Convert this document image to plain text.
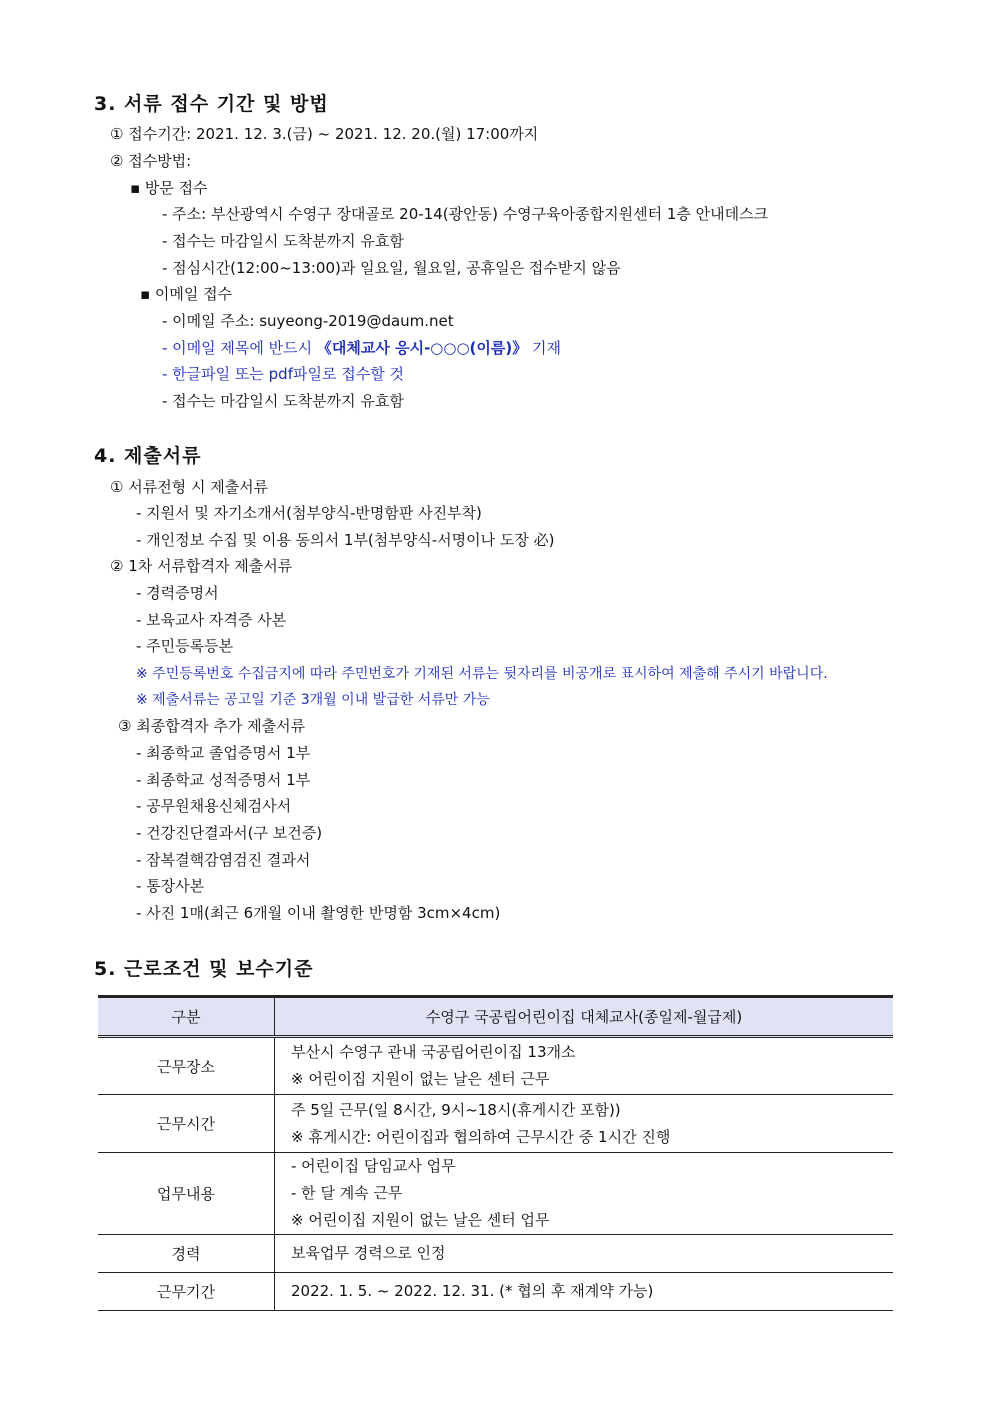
3. 서류 접수 기간 및 방법
① 접수기간: 2021. 12. 3.(금) ~ 2021. 12. 20.(월) 17:00까지
② 접수방법:
▪ 방문 접수
- 주소: 부산광역시 수영구 장대골로 20-14(광안동) 수영구육아종합지원센터 1층 안내데스크
- 접수는 마감일시 도착분까지 유효함
- 점심시간(12:00~13:00)과 일요일, 월요일, 공휴일은 접수받지 않음
▪ 이메일 접수
- 이메일 주소: suyeong-2019@daum.net
- 이메일 제목에 반드시 《대체교사 응시-○○○(이름)》 기재
- 한글파일 또는 pdf파일로 접수할 것
- 접수는 마감일시 도착분까지 유효함
4. 제출서류
① 서류전형 시 제출서류
- 지원서 및 자기소개서(첨부양식-반명함판 사진부착)
- 개인정보 수집 및 이용 동의서 1부(첨부양식-서명이나 도장 必)
② 1차 서류합격자 제출서류
- 경력증명서
- 보육교사 자격증 사본
- 주민등록등본
※ 주민등록번호 수집금지에 따라 주민번호가 기재된 서류는 뒷자리를 비공개로 표시하여 제출해 주시기 바랍니다.
※ 제출서류는 공고일 기준 3개월 이내 발급한 서류만 가능
③ 최종합격자 추가 제출서류
- 최종학교 졸업증명서 1부
- 최종학교 성적증명서 1부
- 공무원채용신체검사서
- 건강진단결과서(구 보건증)
- 잠복결핵감염검진 결과서
- 통장사본
- 사진 1매(최근 6개월 이내 촬영한 반명함 3cm×4cm)
5. 근로조건 및 보수기준
구분	수영구 국공립어린이집 대체교사(종일제-월급제)
근무장소	부산시 수영구 관내 국공립어린이집 13개소
※ 어린이집 지원이 없는 날은 센터 근무

근무시간	주 5일 근무(일 8시간, 9시~18시(휴게시간 포함))
※ 휴게시간: 어린이집과 협의하여 근무시간 중 1시간 진행

업무내용	- 어린이집 담임교사 업무
- 한 달 계속 근무
※ 어린이집 지원이 없는 날은 센터 업무

경력	보육업무 경력으로 인정

근무기간	2022. 1. 5. ~ 2022. 12. 31. (* 협의 후 재계약 가능)
